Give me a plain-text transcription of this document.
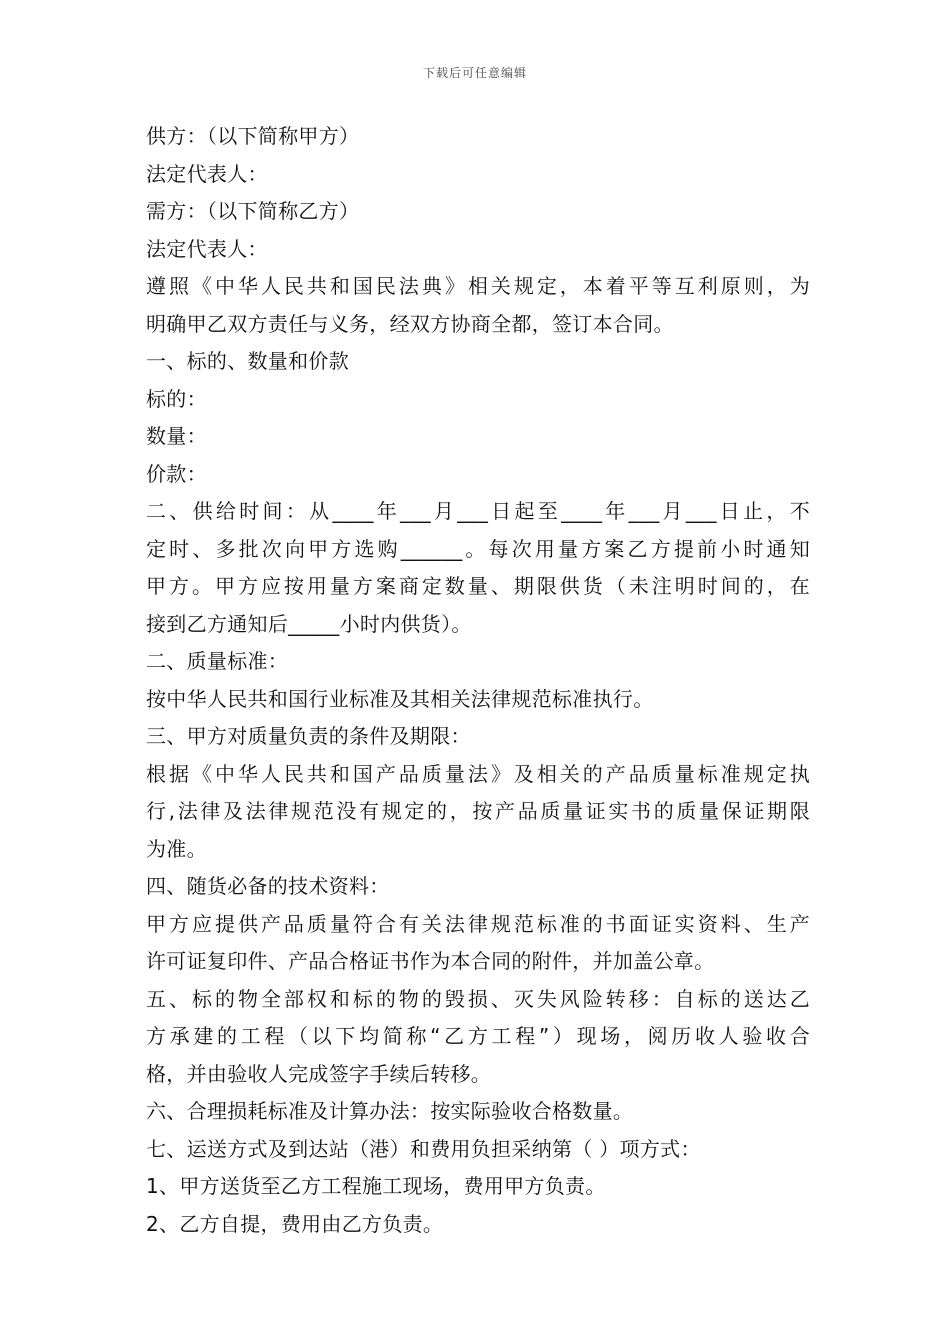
下载后可任意编辑
供方：（以下简称甲方）
法定代表人：
需方：（以下简称乙方）
法定代表人：
遵照《中华人民共和国民法典》相关规定，本着平等互利原则，为
明确甲乙双方责任与义务，经双方协商全都，签订本合同。
一、标的、数量和价款
标的：
数量：
价款：
二、供给时间：从____年___月___日起至____年___月___日止，不
定时、多批次向甲方选购______。每次用量方案乙方提前小时通知
甲方。甲方应按用量方案商定数量、期限供货（未注明时间的，在
接到乙方通知后_____小时内供货）。
二、质量标准：
按中华人民共和国行业标准及其相关法律规范标准执行。
三、甲方对质量负责的条件及期限：
根据《中华人民共和国产品质量法》及相关的产品质量标准规定执
行,法律及法律规范没有规定的，按产品质量证实书的质量保证期限
为准。
四、随货必备的技术资料：
甲方应提供产品质量符合有关法律规范标准的书面证实资料、生产
许可证复印件、产品合格证书作为本合同的附件，并加盖公章。
五、标的物全部权和标的物的毁损、灭失风险转移：自标的送达乙
方承建的工程（以下均简称“乙方工程”）现场，阅历收人验收合
格，并由验收人完成签字手续后转移。
六、合理损耗标准及计算办法：按实际验收合格数量。
七、运送方式及到达站（港）和费用负担采纳第（ ）项方式：
1、甲方送货至乙方工程施工现场，费用甲方负责。
2、乙方自提，费用由乙方负责。
